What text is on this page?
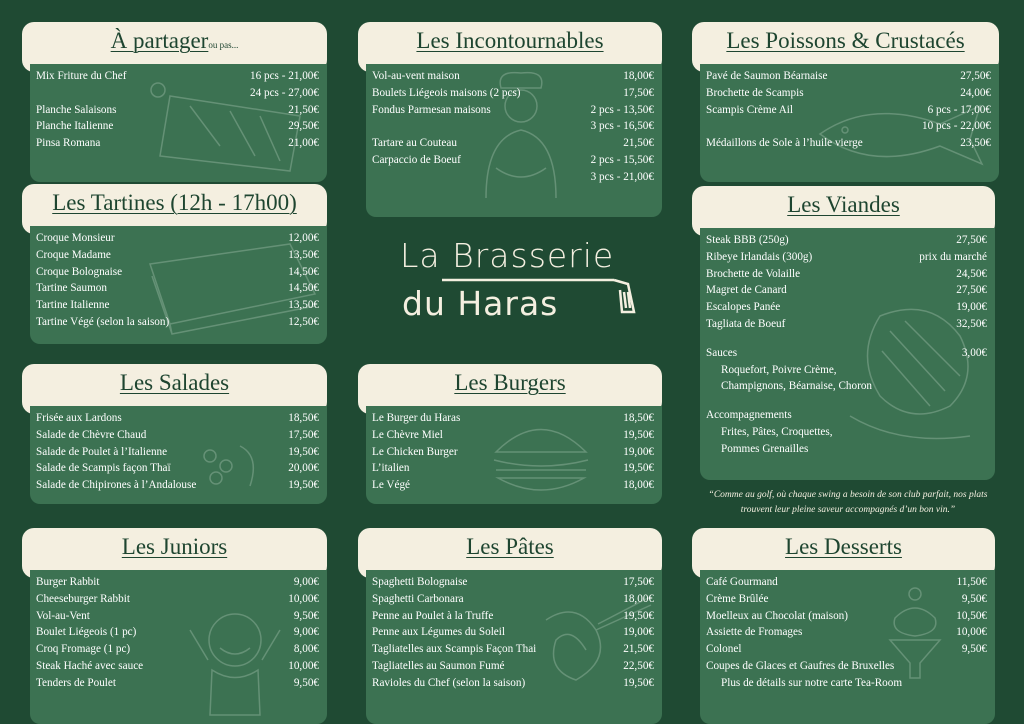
À partagerou pas...
Mix Friture du Chef	16 pcs - 21,00€
24 pcs - 27,00€
Planche Salaisons	21,50€
Planche Italienne	29,50€
Pinsa Romana	21,00€
Les Incontournables
Vol-au-vent maison	18,00€
Boulets Liégeois maisons (2 pcs)	17,50€
Fondus Parmesan maisons	2 pcs - 13,50€
3 pcs - 16,50€
Tartare au Couteau	21,50€
Carpaccio de Boeuf	2 pcs - 15,50€
3 pcs - 21,00€
Les Poissons & Crustacés
Pavé de Saumon Béarnaise	27,50€
Brochette de Scampis	24,00€
Scampis Crème Ail	6 pcs - 17,00€
10 pcs - 22,00€
Médaillons de Sole à l’huile vierge	23,50€
Les Tartines (12h - 17h00)
Croque Monsieur	12,00€
Croque Madame	13,50€
Croque Bolognaise	14,50€
Tartine Saumon	14,50€
Tartine Italienne	13,50€
Tartine Végé (selon la saison)	12,50€
La Brasserie
du Haras
Les Viandes
Steak BBB (250g)	27,50€
Ribeye Irlandais (300g)	prix du marché
Brochette de Volaille	24,50€
Magret de Canard	27,50€
Escalopes Panée	19,00€
Tagliata de Boeuf	32,50€
Sauces	3,00€
Roquefort, Poivre Crème,
Champignons, Béarnaise, Choron
Accompagnements
Frites, Pâtes, Croquettes,
Pommes Grenailles
“Comme au golf, où chaque swing a besoin de son club parfait, nos plats trouvent leur pleine saveur accompagnés d’un bon vin.”
Les Salades
Frisée aux Lardons	18,50€
Salade de Chèvre Chaud	17,50€
Salade de Poulet à l’Italienne	19,50€
Salade de Scampis façon Thaï	20,00€
Salade de Chipirones à l’Andalouse	19,50€
Les Burgers
Le Burger du Haras	18,50€
Le Chèvre Miel	19,50€
Le Chicken Burger	19,00€
L’italien	19,50€
Le Végé	18,00€
Les Juniors
Burger Rabbit	9,00€
Cheeseburger Rabbit	10,00€
Vol-au-Vent	9,50€
Boulet Liégeois (1 pc)	9,00€
Croq Fromage (1 pc)	8,00€
Steak Haché avec sauce	10,00€
Tenders de Poulet	9,50€
Les Pâtes
Spaghetti Bolognaise	17,50€
Spaghetti Carbonara	18,00€
Penne au Poulet à la Truffe	19,50€
Penne aux Légumes du Soleil	19,00€
Tagliatelles aux Scampis Façon Thai	21,50€
Tagliatelles au Saumon Fumé	22,50€
Ravioles du Chef (selon la saison)	19,50€
Les Desserts
Café Gourmand	11,50€
Crème Brûlée	9,50€
Moelleux au Chocolat (maison)	10,50€
Assiette de Fromages	10,00€
Colonel	9,50€
Coupes de Glaces et Gaufres de Bruxelles
Plus de détails sur notre carte Tea-Room
